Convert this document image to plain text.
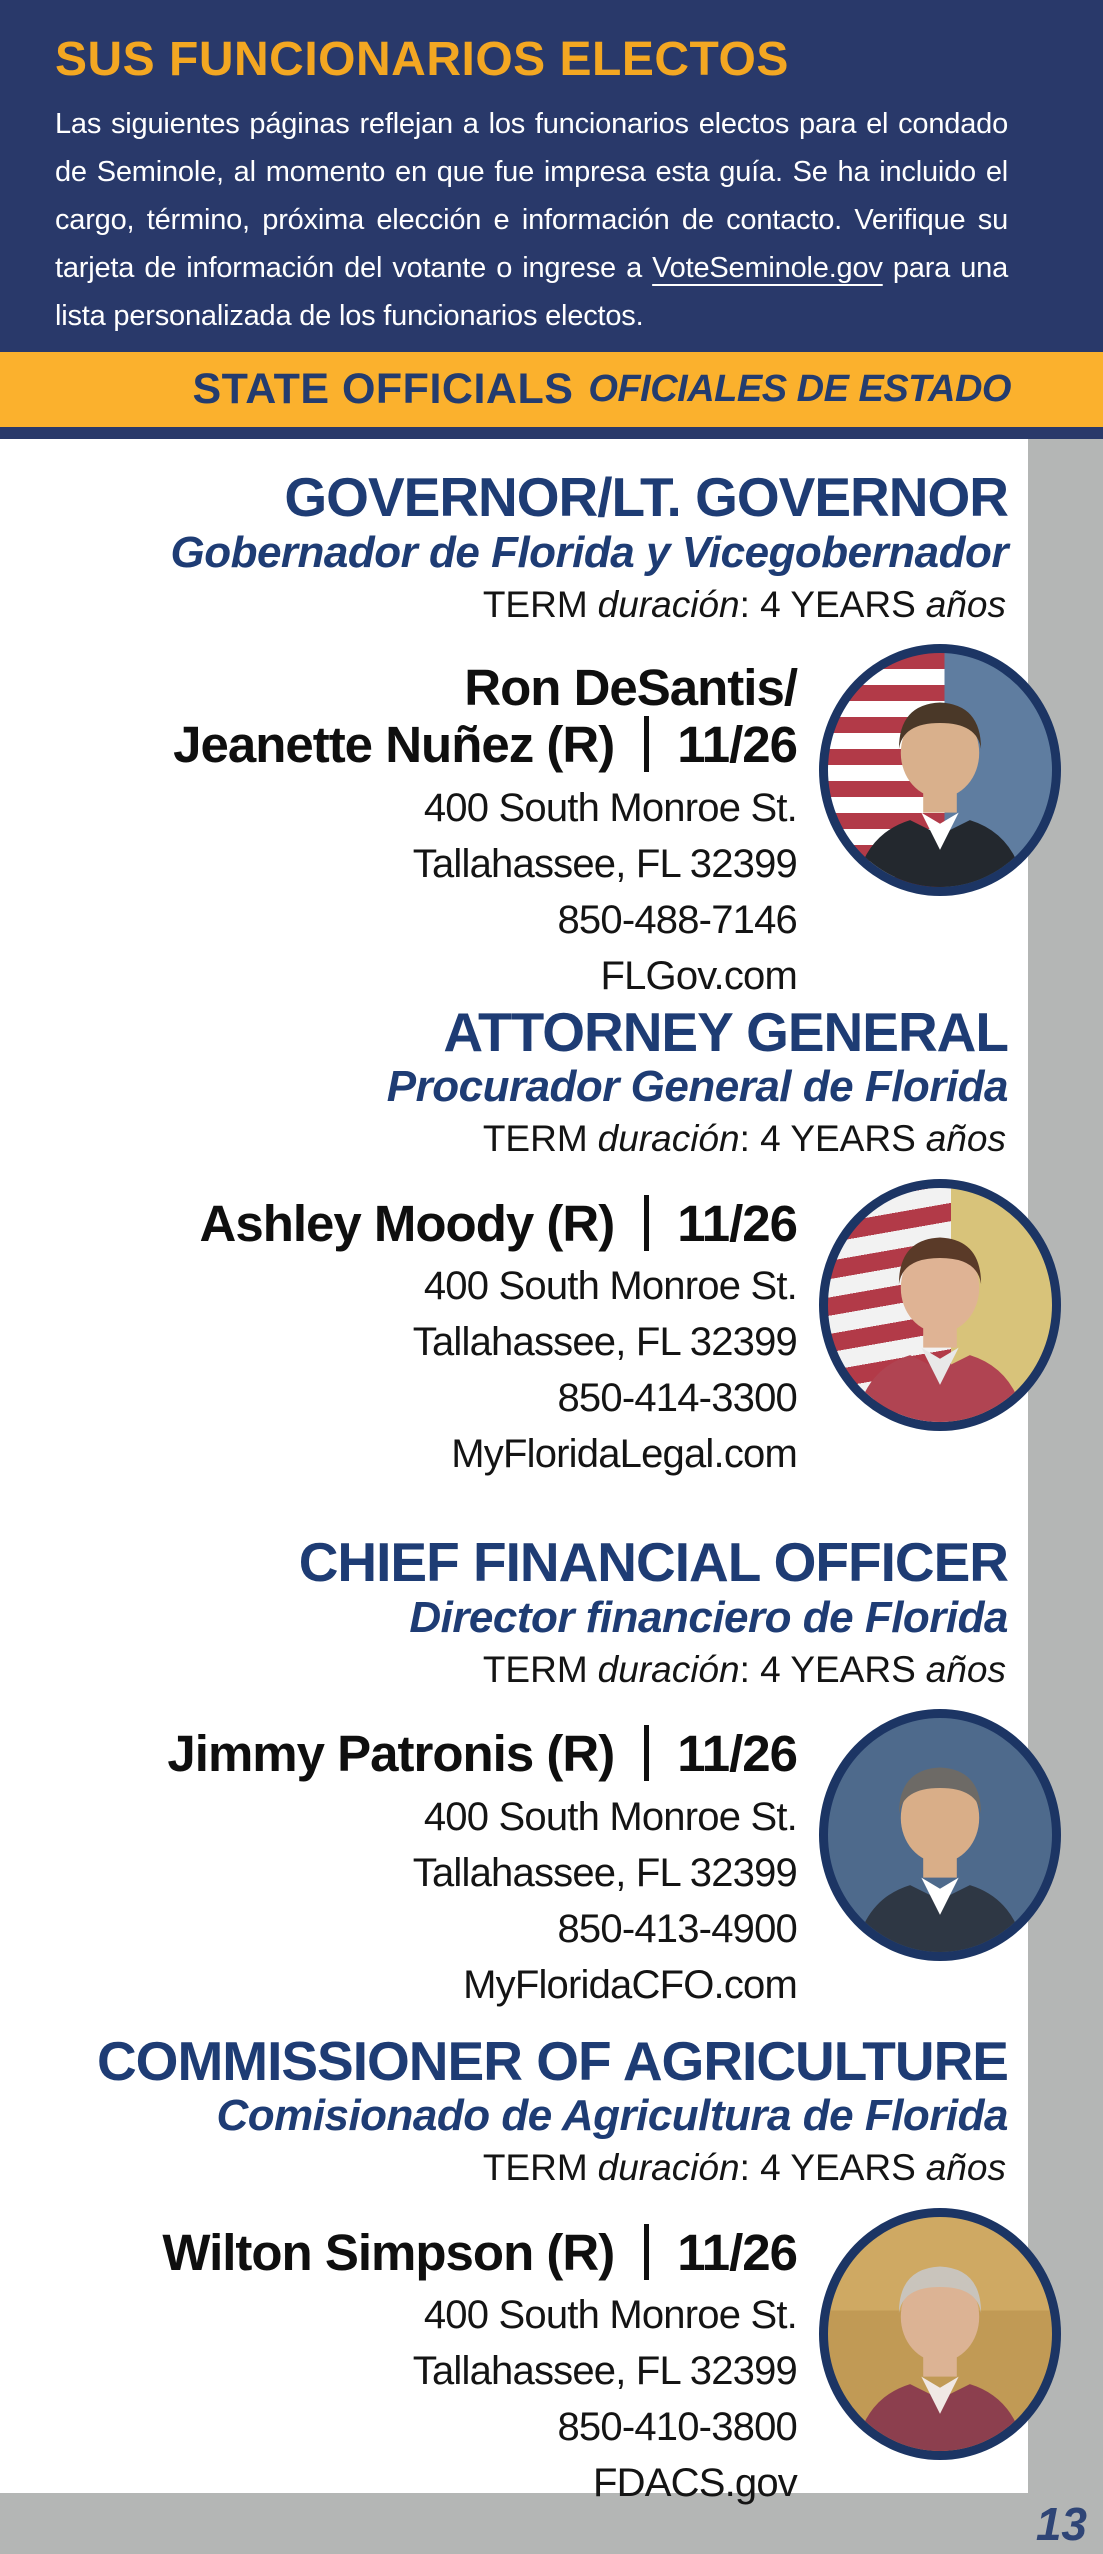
SUS FUNCIONARIOS ELECTOS

Las siguientes páginas reflejan a los funcionarios electos para el condado de Seminole, al momento en que fue impresa esta guía. Se ha incluido el cargo, término, próxima elección e información de contacto. Verifique su tarjeta de información del votante o ingrese a VoteSeminole.gov para una lista personalizada de los funcionarios electos.

STATE OFFICIALS OFICIALES DE ESTADO
GOVERNOR/LT. GOVERNOR
Gobernador de Florida y Vicegobernador
TERM duración: 4 YEARS años
Ron DeSantis/
Jeanette Nuñez (R) 11/26
400 South Monroe St.
Tallahassee, FL 32399
850-488-7146
FLGov.com
ATTORNEY GENERAL
Procurador General de Florida
TERM duración: 4 YEARS años
Ashley Moody (R) 11/26
400 South Monroe St.
Tallahassee, FL 32399
850-414-3300
MyFloridaLegal.com
CHIEF FINANCIAL OFFICER
Director financiero de Florida
TERM duración: 4 YEARS años
Jimmy Patronis (R) 11/26
400 South Monroe St.
Tallahassee, FL 32399
850-413-4900
MyFloridaCFO.com
COMMISSIONER OF AGRICULTURE
Comisionado de Agricultura de Florida
TERM duración: 4 YEARS años
Wilton Simpson (R) 11/26
400 South Monroe St.
Tallahassee, FL 32399
850-410-3800
FDACS.gov
13
